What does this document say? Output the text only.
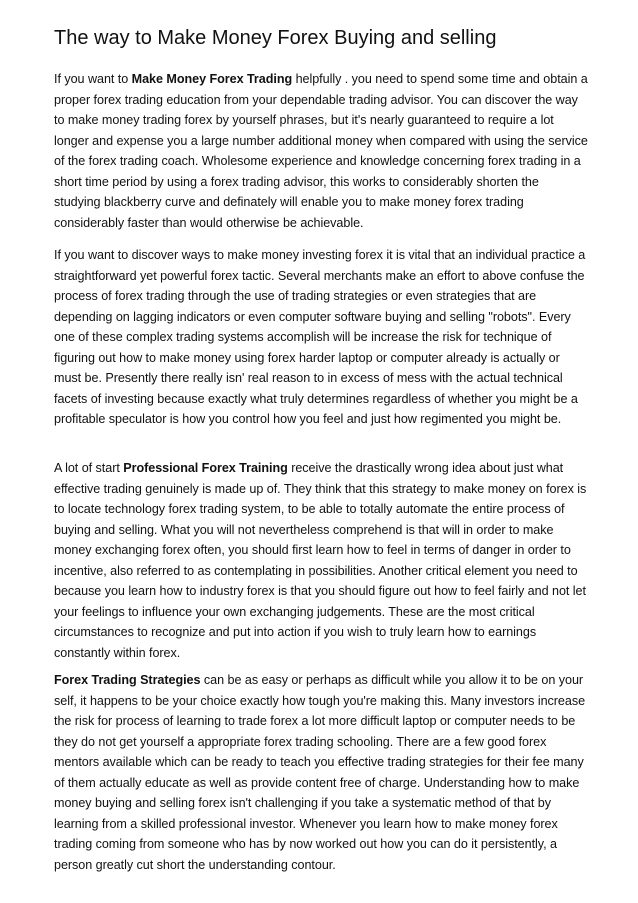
The way to Make Money Forex Buying and selling

If you want to Make Money Forex Trading helpfully . you need to spend some time and obtain a proper forex trading education from your dependable trading advisor. You can discover the way to make money trading forex by yourself phrases, but it's nearly guaranteed to require a lot longer and expense you a large number additional money when compared with using the service of the forex trading coach. Wholesome experience and knowledge concerning forex trading in a short time period by using a forex trading advisor, this works to considerably shorten the studying blackberry curve and definately will enable you to make money forex trading considerably faster than would otherwise be achievable.

If you want to discover ways to make money investing forex it is vital that an individual practice a straightforward yet powerful forex tactic. Several merchants make an effort to above confuse the process of forex trading through the use of trading strategies or even strategies that are depending on lagging indicators or even computer software buying and selling "robots". Every one of these complex trading systems accomplish will be increase the risk for technique of figuring out how to make money using forex harder laptop or computer already is actually or must be. Presently there really isn' real reason to in excess of mess with the actual technical facets of investing because exactly what truly determines regardless of whether you might be a profitable speculator is how you control how you feel and just how regimented you might be.

A lot of start Professional Forex Training receive the drastically wrong idea about just what effective trading genuinely is made up of. They think that this strategy to make money on forex is to locate technology forex trading system, to be able to totally automate the entire process of buying and selling. What you will not nevertheless comprehend is that will in order to make money exchanging forex often, you should first learn how to feel in terms of danger in order to incentive, also referred to as contemplating in possibilities. Another critical element you need to because you learn how to industry forex is that you should figure out how to feel fairly and not let your feelings to influence your own exchanging judgements. These are the most critical circumstances to recognize and put into action if you wish to truly learn how to earnings constantly within forex.

Forex Trading Strategies can be as easy or perhaps as difficult while you allow it to be on your self, it happens to be your choice exactly how tough you're making this. Many investors increase the risk for process of learning to trade forex a lot more difficult laptop or computer needs to be they do not get yourself a appropriate forex trading schooling. There are a few good forex mentors available which can be ready to teach you effective trading strategies for their fee many of them actually educate as well as provide content free of charge. Understanding how to make money buying and selling forex isn't challenging if you take a systematic method of that by learning from a skilled professional investor. Whenever you learn how to make money forex trading coming from someone who has by now worked out how you can do it persistently, a person greatly cut short the understanding contour.
